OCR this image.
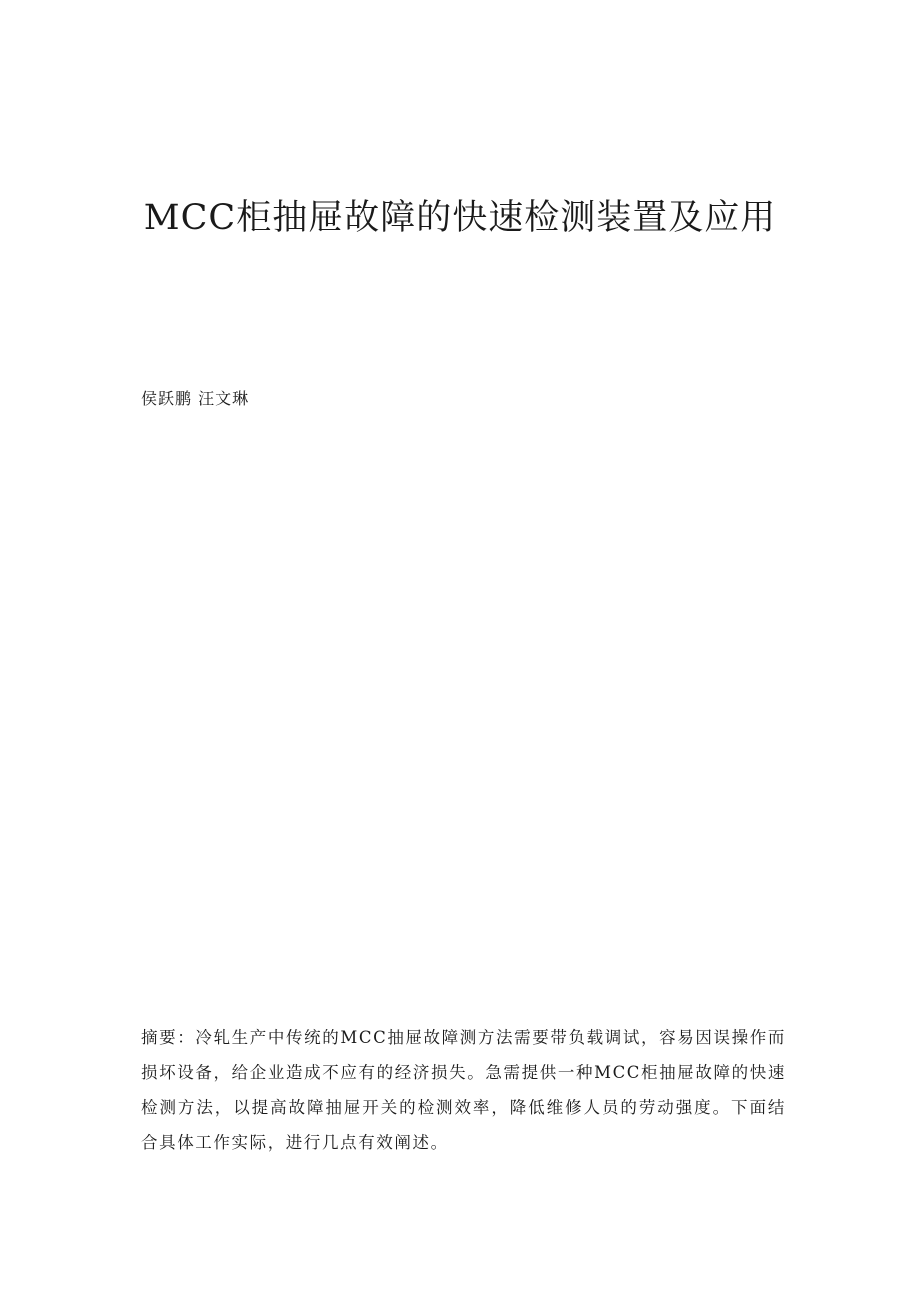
MCC柜抽屉故障的快速检测装置及应用
侯跃鹏 汪文琳

摘要：冷轧生产中传统的MCC抽屉故障测方法需要带负载调试，容易因误操作而损坏设备，给企业造成不应有的经济损失。急需提供一种MCC柜抽屉故障的快速检测方法，以提高故障抽屉开关的检测效率，降低维修人员的劳动强度。下面结合具体工作实际，进行几点有效阐述。
